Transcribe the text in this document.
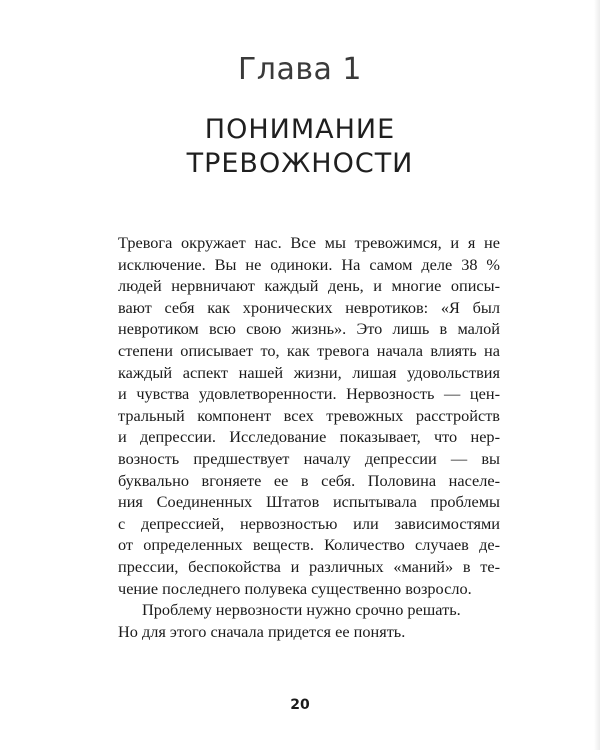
Глава 1
ПОНИМАНИЕ
ТРЕВОЖНОСТИ
Тревога окружает нас. Все мы тревожимся, и я не
исключение. Вы не одиноки. На самом деле 38 %
людей нервничают каждый день, и многие описы-
вают себя как хронических невротиков: «Я был
невротиком всю свою жизнь». Это лишь в малой
степени описывает то, как тревога начала влиять на
каждый аспект нашей жизни, лишая удовольствия
и чувства удовлетворенности. Нервозность — цен-
тральный компонент всех тревожных расстройств
и депрессии. Исследование показывает, что нер-
возность предшествует началу депрессии — вы
буквально вгоняете ее в себя. Половина населе-
ния Соединенных Штатов испытывала проблемы
с депрессией, нервозностью или зависимостями
от определенных веществ. Количество случаев де-
прессии, беспокойства и различных «маний» в те-
чение последнего полувека существенно возросло.
Проблему нервозности нужно срочно решать.
Но для этого сначала придется ее понять.
20
